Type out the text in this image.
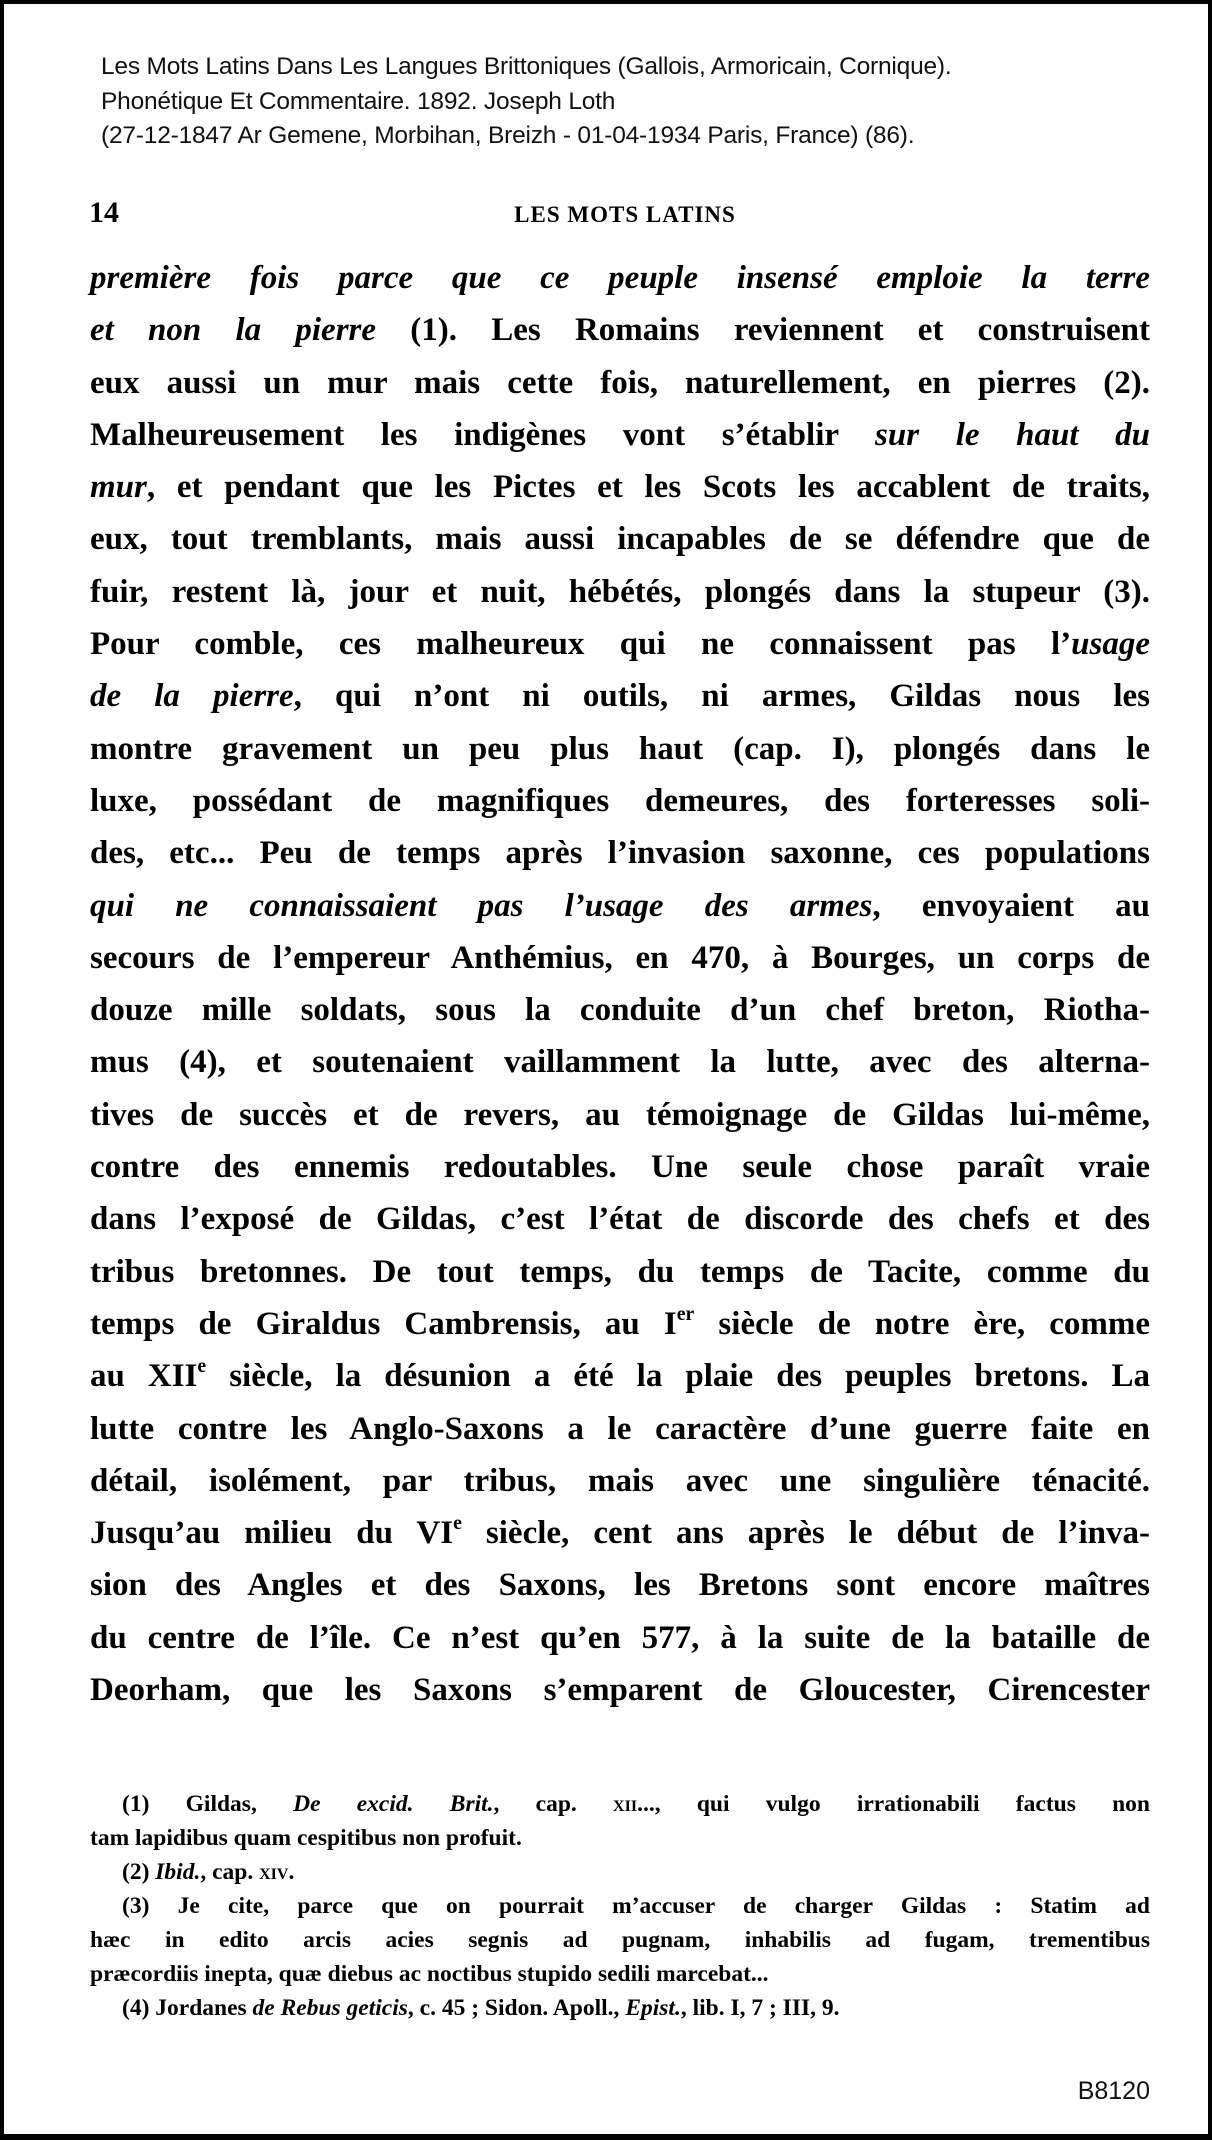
Les Mots Latins Dans Les Langues Brittoniques (Gallois, Armoricain, Cornique).
Phonétique Et Commentaire. 1892. Joseph Loth
(27-12-1847 Ar Gemene, Morbihan, Breizh - 01-04-1934 Paris, France) (86).
14	LES MOTS LATINS
première fois parce que ce peuple insensé emploie la terre
et non la pierre (1). Les Romains reviennent et construisent
eux aussi un mur mais cette fois, naturellement, en pierres (2).
Malheureusement les indigènes vont s’établir sur le haut du
mur, et pendant que les Pictes et les Scots les accablent de traits,
eux, tout tremblants, mais aussi incapables de se défendre que de
fuir, restent là, jour et nuit, hébétés, plongés dans la stupeur (3).
Pour comble, ces malheureux qui ne connaissent pas l’usage
de la pierre, qui n’ont ni outils, ni armes, Gildas nous les
montre gravement un peu plus haut (cap. I), plongés dans le
luxe, possédant de magnifiques demeures, des forteresses soli-
des, etc... Peu de temps après l’invasion saxonne, ces populations
qui ne connaissaient pas l’usage des armes, envoyaient au
secours de l’empereur Anthémius, en 470, à Bourges, un corps de
douze mille soldats, sous la conduite d’un chef breton, Riotha-
mus (4), et soutenaient vaillamment la lutte, avec des alterna-
tives de succès et de revers, au témoignage de Gildas lui-même,
contre des ennemis redoutables. Une seule chose paraît vraie
dans l’exposé de Gildas, c’est l’état de discorde des chefs et des
tribus bretonnes. De tout temps, du temps de Tacite, comme du
temps de Giraldus Cambrensis, au Ier siècle de notre ère, comme
au XIIe siècle, la désunion a été la plaie des peuples bretons. La
lutte contre les Anglo-Saxons a le caractère d’une guerre faite en
détail, isolément, par tribus, mais avec une singulière ténacité.
Jusqu’au milieu du VIe siècle, cent ans après le début de l’inva-
sion des Angles et des Saxons, les Bretons sont encore maîtres
du centre de l’île. Ce n’est qu’en 577, à la suite de la bataille de
Deorham, que les Saxons s’emparent de Gloucester, Cirencester
(1) Gildas, De excid. Brit., cap. xii..., qui vulgo irrationabili factus non
tam lapidibus quam cespitibus non profuit.
(2) Ibid., cap. xiv.
(3) Je cite, parce que on pourrait m’accuser de charger Gildas : Statim ad
hæc in edito arcis acies segnis ad pugnam, inhabilis ad fugam, trementibus
præcordiis inepta, quæ diebus ac noctibus stupido sedili marcebat...
(4) Jordanes de Rebus geticis, c. 45 ; Sidon. Apoll., Epist., lib. I, 7 ; III, 9.
B8120
